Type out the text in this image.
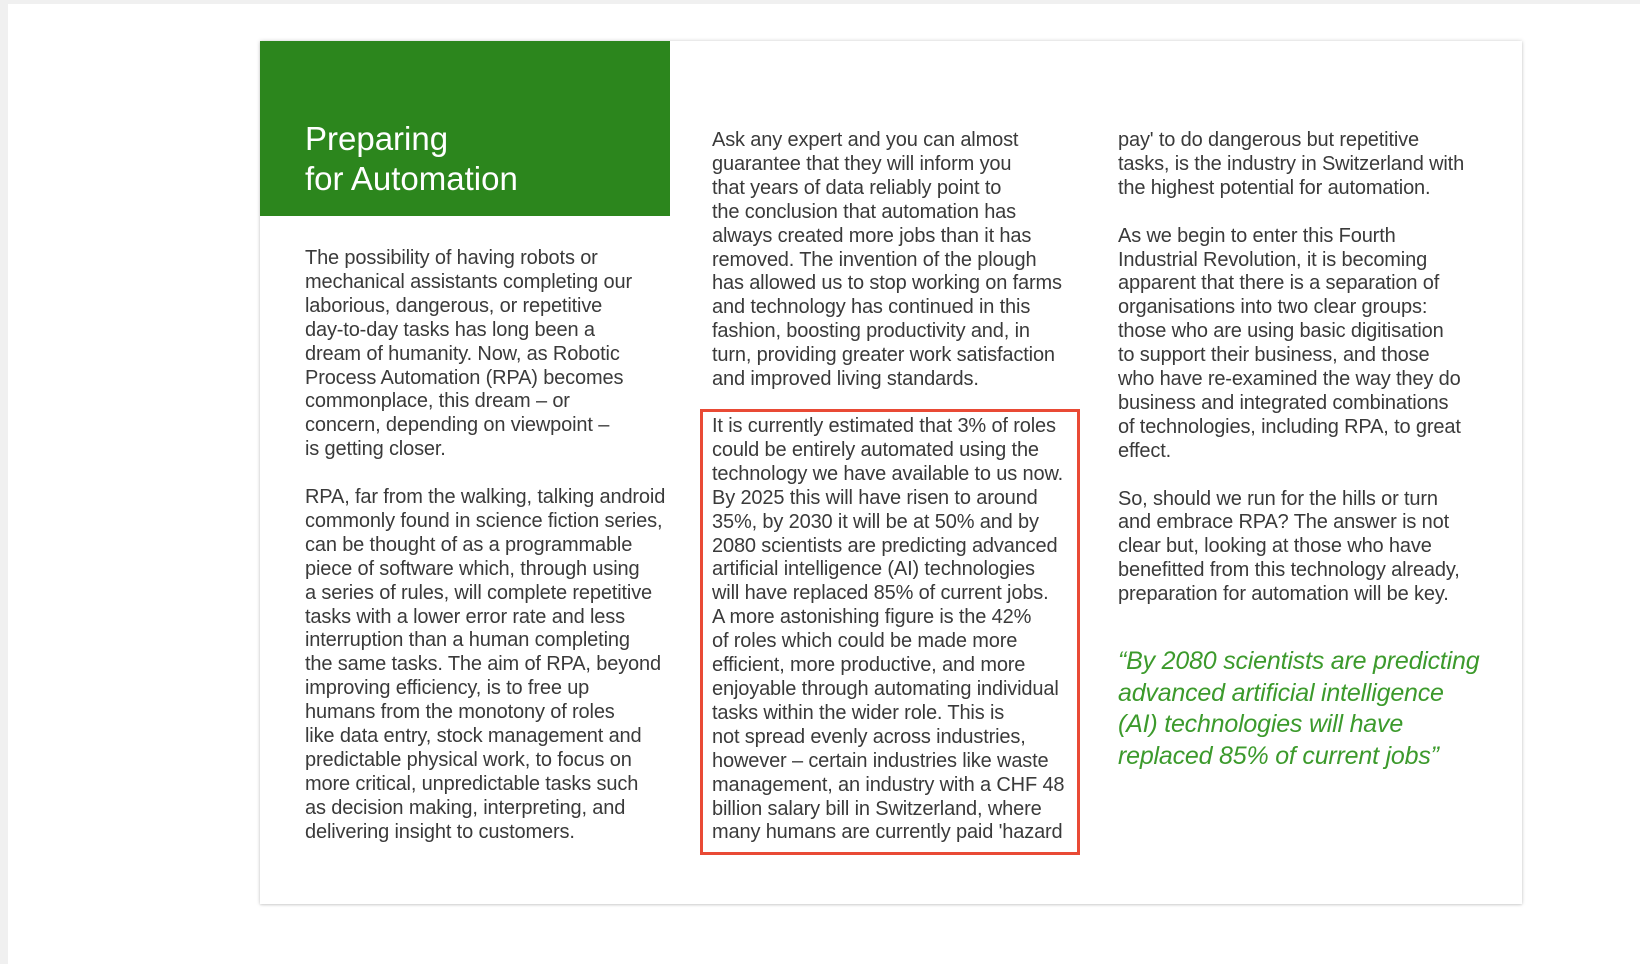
Preparing
for Automation

The possibility of having robots or
mechanical assistants completing our
laborious, dangerous, or repetitive
day-to-day tasks has long been a
dream of humanity. Now, as Robotic
Process Automation (RPA) becomes
commonplace, this dream – or
concern, depending on viewpoint –
is getting closer.

RPA, far from the walking, talking android
commonly found in science fiction series,
can be thought of as a programmable
piece of software which, through using
a series of rules, will complete repetitive
tasks with a lower error rate and less
interruption than a human completing
the same tasks. The aim of RPA, beyond
improving efficiency, is to free up
humans from the monotony of roles
like data entry, stock management and
predictable physical work, to focus on
more critical, unpredictable tasks such
as decision making, interpreting, and
delivering insight to customers.

Ask any expert and you can almost
guarantee that they will inform you
that years of data reliably point to
the conclusion that automation has
always created more jobs than it has
removed. The invention of the plough
has allowed us to stop working on farms
and technology has continued in this
fashion, boosting productivity and, in
turn, providing greater work satisfaction
and improved living standards.

It is currently estimated that 3% of roles
could be entirely automated using the
technology we have available to us now.
By 2025 this will have risen to around
35%, by 2030 it will be at 50% and by
2080 scientists are predicting advanced
artificial intelligence (AI) technologies
will have replaced 85% of current jobs.
A more astonishing figure is the 42%
of roles which could be made more
efficient, more productive, and more
enjoyable through automating individual
tasks within the wider role. This is
not spread evenly across industries,
however – certain industries like waste
management, an industry with a CHF 48
billion salary bill in Switzerland, where
many humans are currently paid 'hazard

pay' to do dangerous but repetitive
tasks, is the industry in Switzerland with
the highest potential for automation.

As we begin to enter this Fourth
Industrial Revolution, it is becoming
apparent that there is a separation of
organisations into two clear groups:
those who are using basic digitisation
to support their business, and those
who have re-examined the way they do
business and integrated combinations
of technologies, including RPA, to great
effect.

So, should we run for the hills or turn
and embrace RPA? The answer is not
clear but, looking at those who have
benefitted from this technology already,
preparation for automation will be key.

“By 2080 scientists are predicting
advanced artificial intelligence
(AI) technologies will have
replaced 85% of current jobs”
